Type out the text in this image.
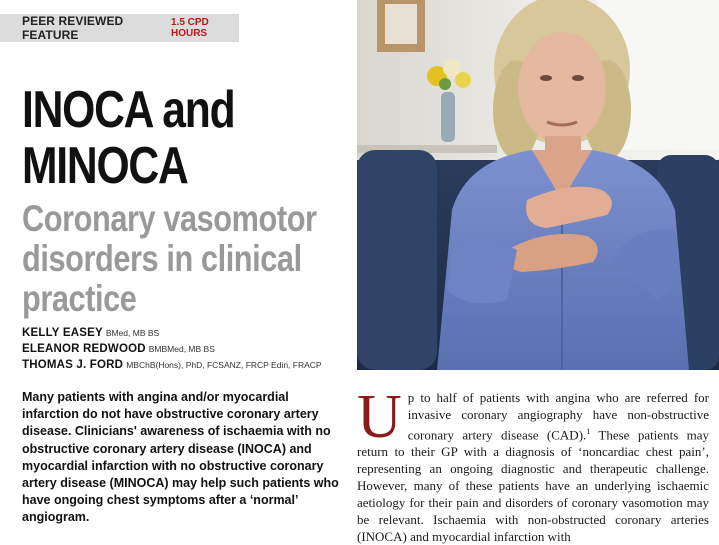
PEER REVIEWED FEATURE
1.5 CPD HOURS
INOCA and
MINOCA
Coronary vasomotor disorders in clinical practice
KELLY EASEY BMed, MB BS
ELEANOR REDWOOD BMBMed, MB BS
THOMAS J. FORD MBChB(Hons), PhD, FCSANZ, FRCP Edin, FRACP
Many patients with angina and/or myocardial infarction do not have obstructive coronary artery disease. Clinicians' awareness of ischaemia with no obstructive coronary artery disease (INOCA) and myocardial infarction with no obstructive coronary artery disease (MINOCA) may help such patients who have ongoing chest symptoms after a ‘normal’ angiogram.
Up to half of patients with angina who are referred for invasive coronary angiography have non-obstructive coronary artery disease (CAD).$^1$ These patients may return to their GP with a diagnosis of ‘noncardiac chest pain’, representing an ongoing diagnostic and therapeutic challenge. However, many of these patients have an underlying ischaemic aetiology for their pain and disorders of coronary vasomotion may be relevant. Ischaemia with non-obstructed coronary arteries (INOCA) and myocardial infarction with
